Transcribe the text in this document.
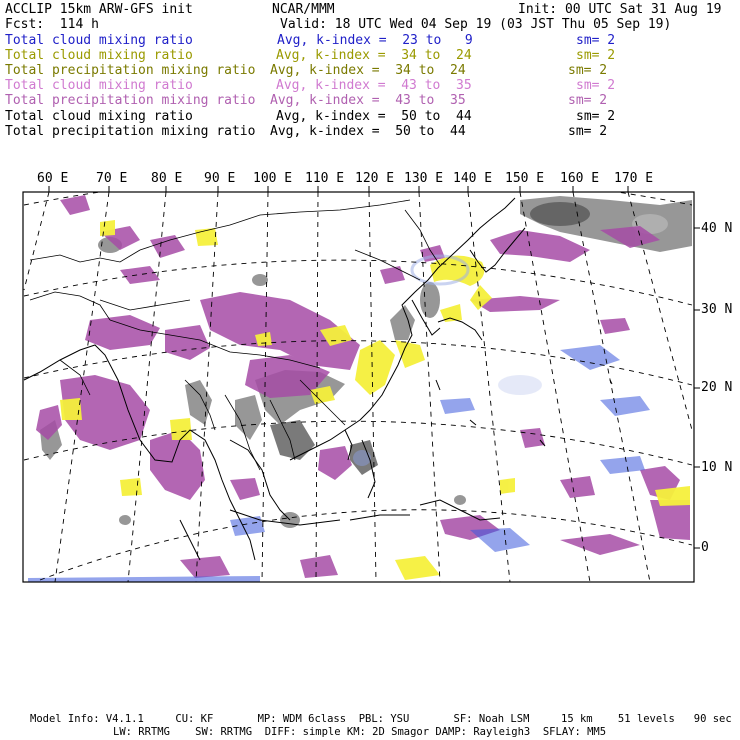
ACCLIP 15km ARW-GFS init	NCAR/MMM	Init: 00 UTC Sat 31 Aug 19
Fcst:  114 h	Valid: 18 UTC Wed 04 Sep 19 (03 JST Thu 05 Sep 19)
Total cloud mixing ratio	Avg, k-index =  23 to   9	sm= 2
Total cloud mixing ratio	Avg, k-index =  34 to  24	sm= 2
Total precipitation mixing ratio Avg, k-index =  34 to  24	sm= 2
Total cloud mixing ratio	Avg, k-index =  43 to  35	sm= 2
Total precipitation mixing ratio Avg, k-index =  43 to  35	sm= 2
Total cloud mixing ratio	Avg, k-index =  50 to  44	sm= 2
Total precipitation mixing ratio Avg, k-index =  50 to  44	sm= 2
60 E 70 E 80 E 90 E 100 E 110 E 120 E 130 E 140 E 150 E 160 E 170 E
40 N
30 N
20 N
10 N
0
Model Info: V4.1.1     CU: KF       MP: WDM 6class  PBL: YSU       SF: Noah LSM     15 km    51 levels   90 sec
LW: RRTMG    SW: RRTMG  DIFF: simple KM: 2D Smagor DAMP: Rayleigh3  SFLAY: MM5
